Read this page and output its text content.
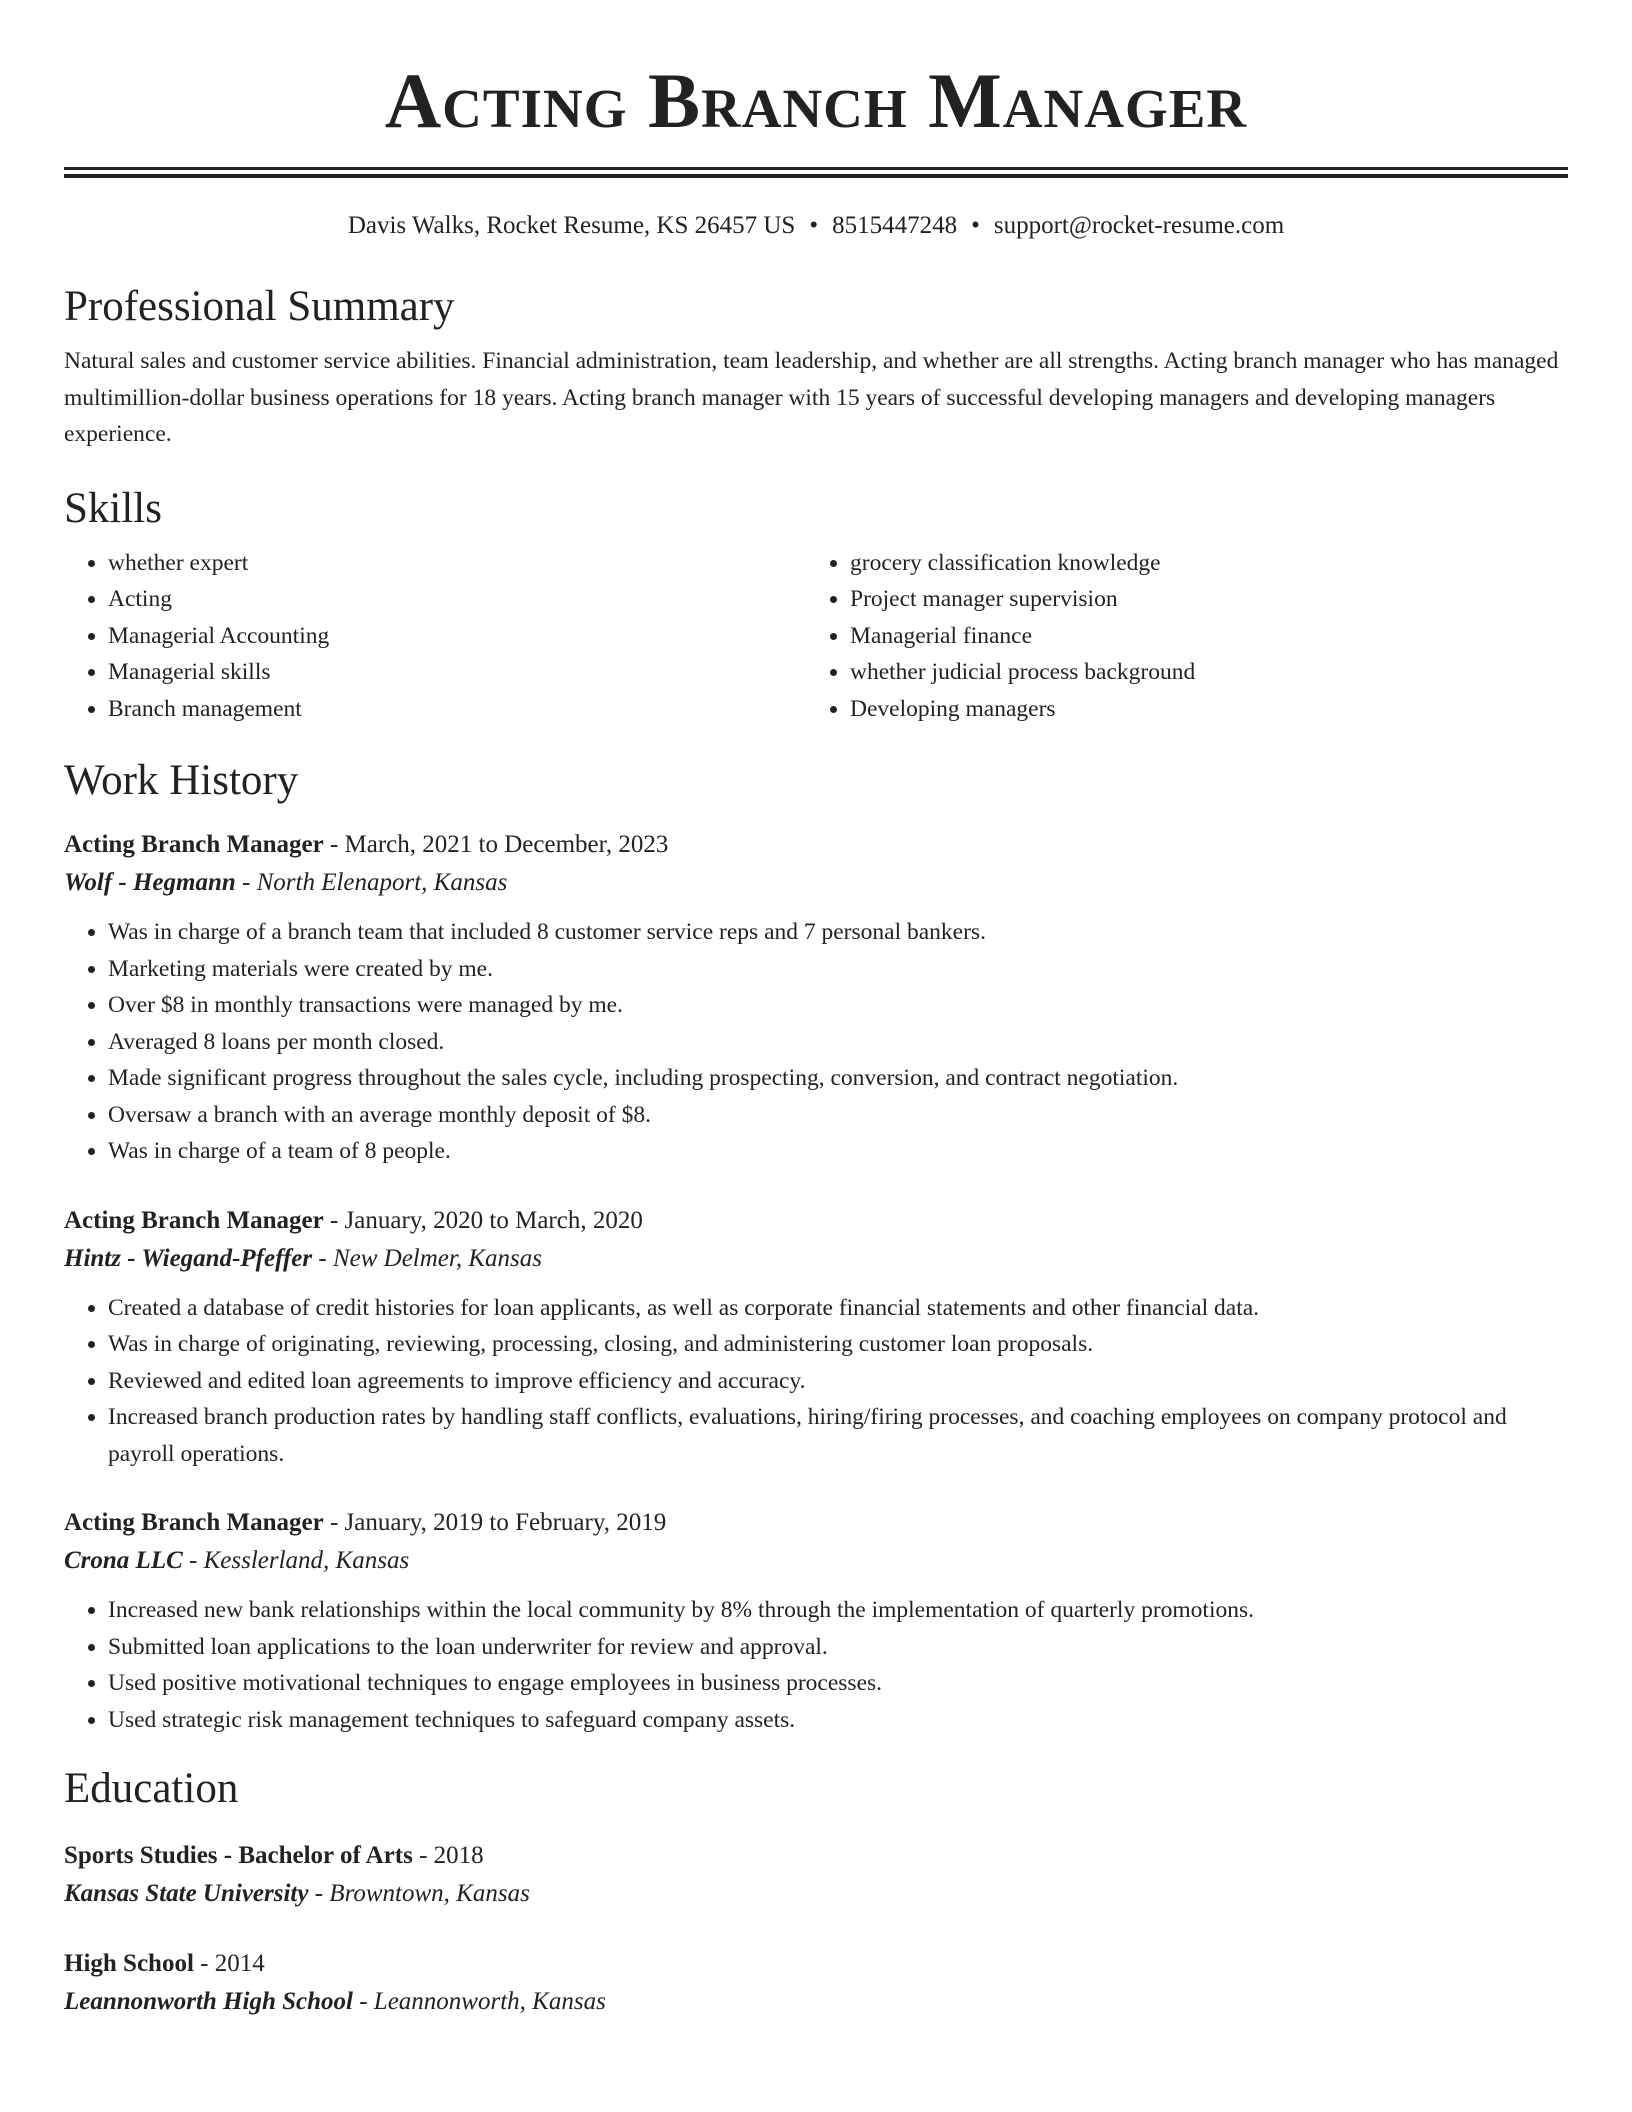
Acting Branch Manager
Davis Walks, Rocket Resume, KS 26457 US • 8515447248 • support@rocket-resume.com
Professional Summary

Natural sales and customer service abilities. Financial administration, team leadership, and whether are all strengths. Acting branch manager who has managed multimillion-dollar business operations for 18 years. Acting branch manager with 15 years of successful developing managers and developing managers experience.

Skills
• whether expert
• Acting
• Managerial Accounting
• Managerial skills
• Branch management
• grocery classification knowledge
• Project manager supervision
• Managerial finance
• whether judicial process background
• Developing managers
Work History
Acting Branch Manager - March, 2021 to December, 2023
Wolf - Hegmann - North Elenaport, Kansas
• Was in charge of a branch team that included 8 customer service reps and 7 personal bankers.
• Marketing materials were created by me.
• Over $8 in monthly transactions were managed by me.
• Averaged 8 loans per month closed.
• Made significant progress throughout the sales cycle, including prospecting, conversion, and contract negotiation.
• Oversaw a branch with an average monthly deposit of $8.
• Was in charge of a team of 8 people.
Acting Branch Manager - January, 2020 to March, 2020
Hintz - Wiegand-Pfeffer - New Delmer, Kansas
• Created a database of credit histories for loan applicants, as well as corporate financial statements and other financial data.
• Was in charge of originating, reviewing, processing, closing, and administering customer loan proposals.
• Reviewed and edited loan agreements to improve efficiency and accuracy.
• Increased branch production rates by handling staff conflicts, evaluations, hiring/firing processes, and coaching employees on company protocol and payroll operations.
Acting Branch Manager - January, 2019 to February, 2019
Crona LLC - Kesslerland, Kansas
• Increased new bank relationships within the local community by 8% through the implementation of quarterly promotions.
• Submitted loan applications to the loan underwriter for review and approval.
• Used positive motivational techniques to engage employees in business processes.
• Used strategic risk management techniques to safeguard company assets.
Education
Sports Studies - Bachelor of Arts - 2018
Kansas State University - Browntown, Kansas
High School - 2014
Leannonworth High School - Leannonworth, Kansas
